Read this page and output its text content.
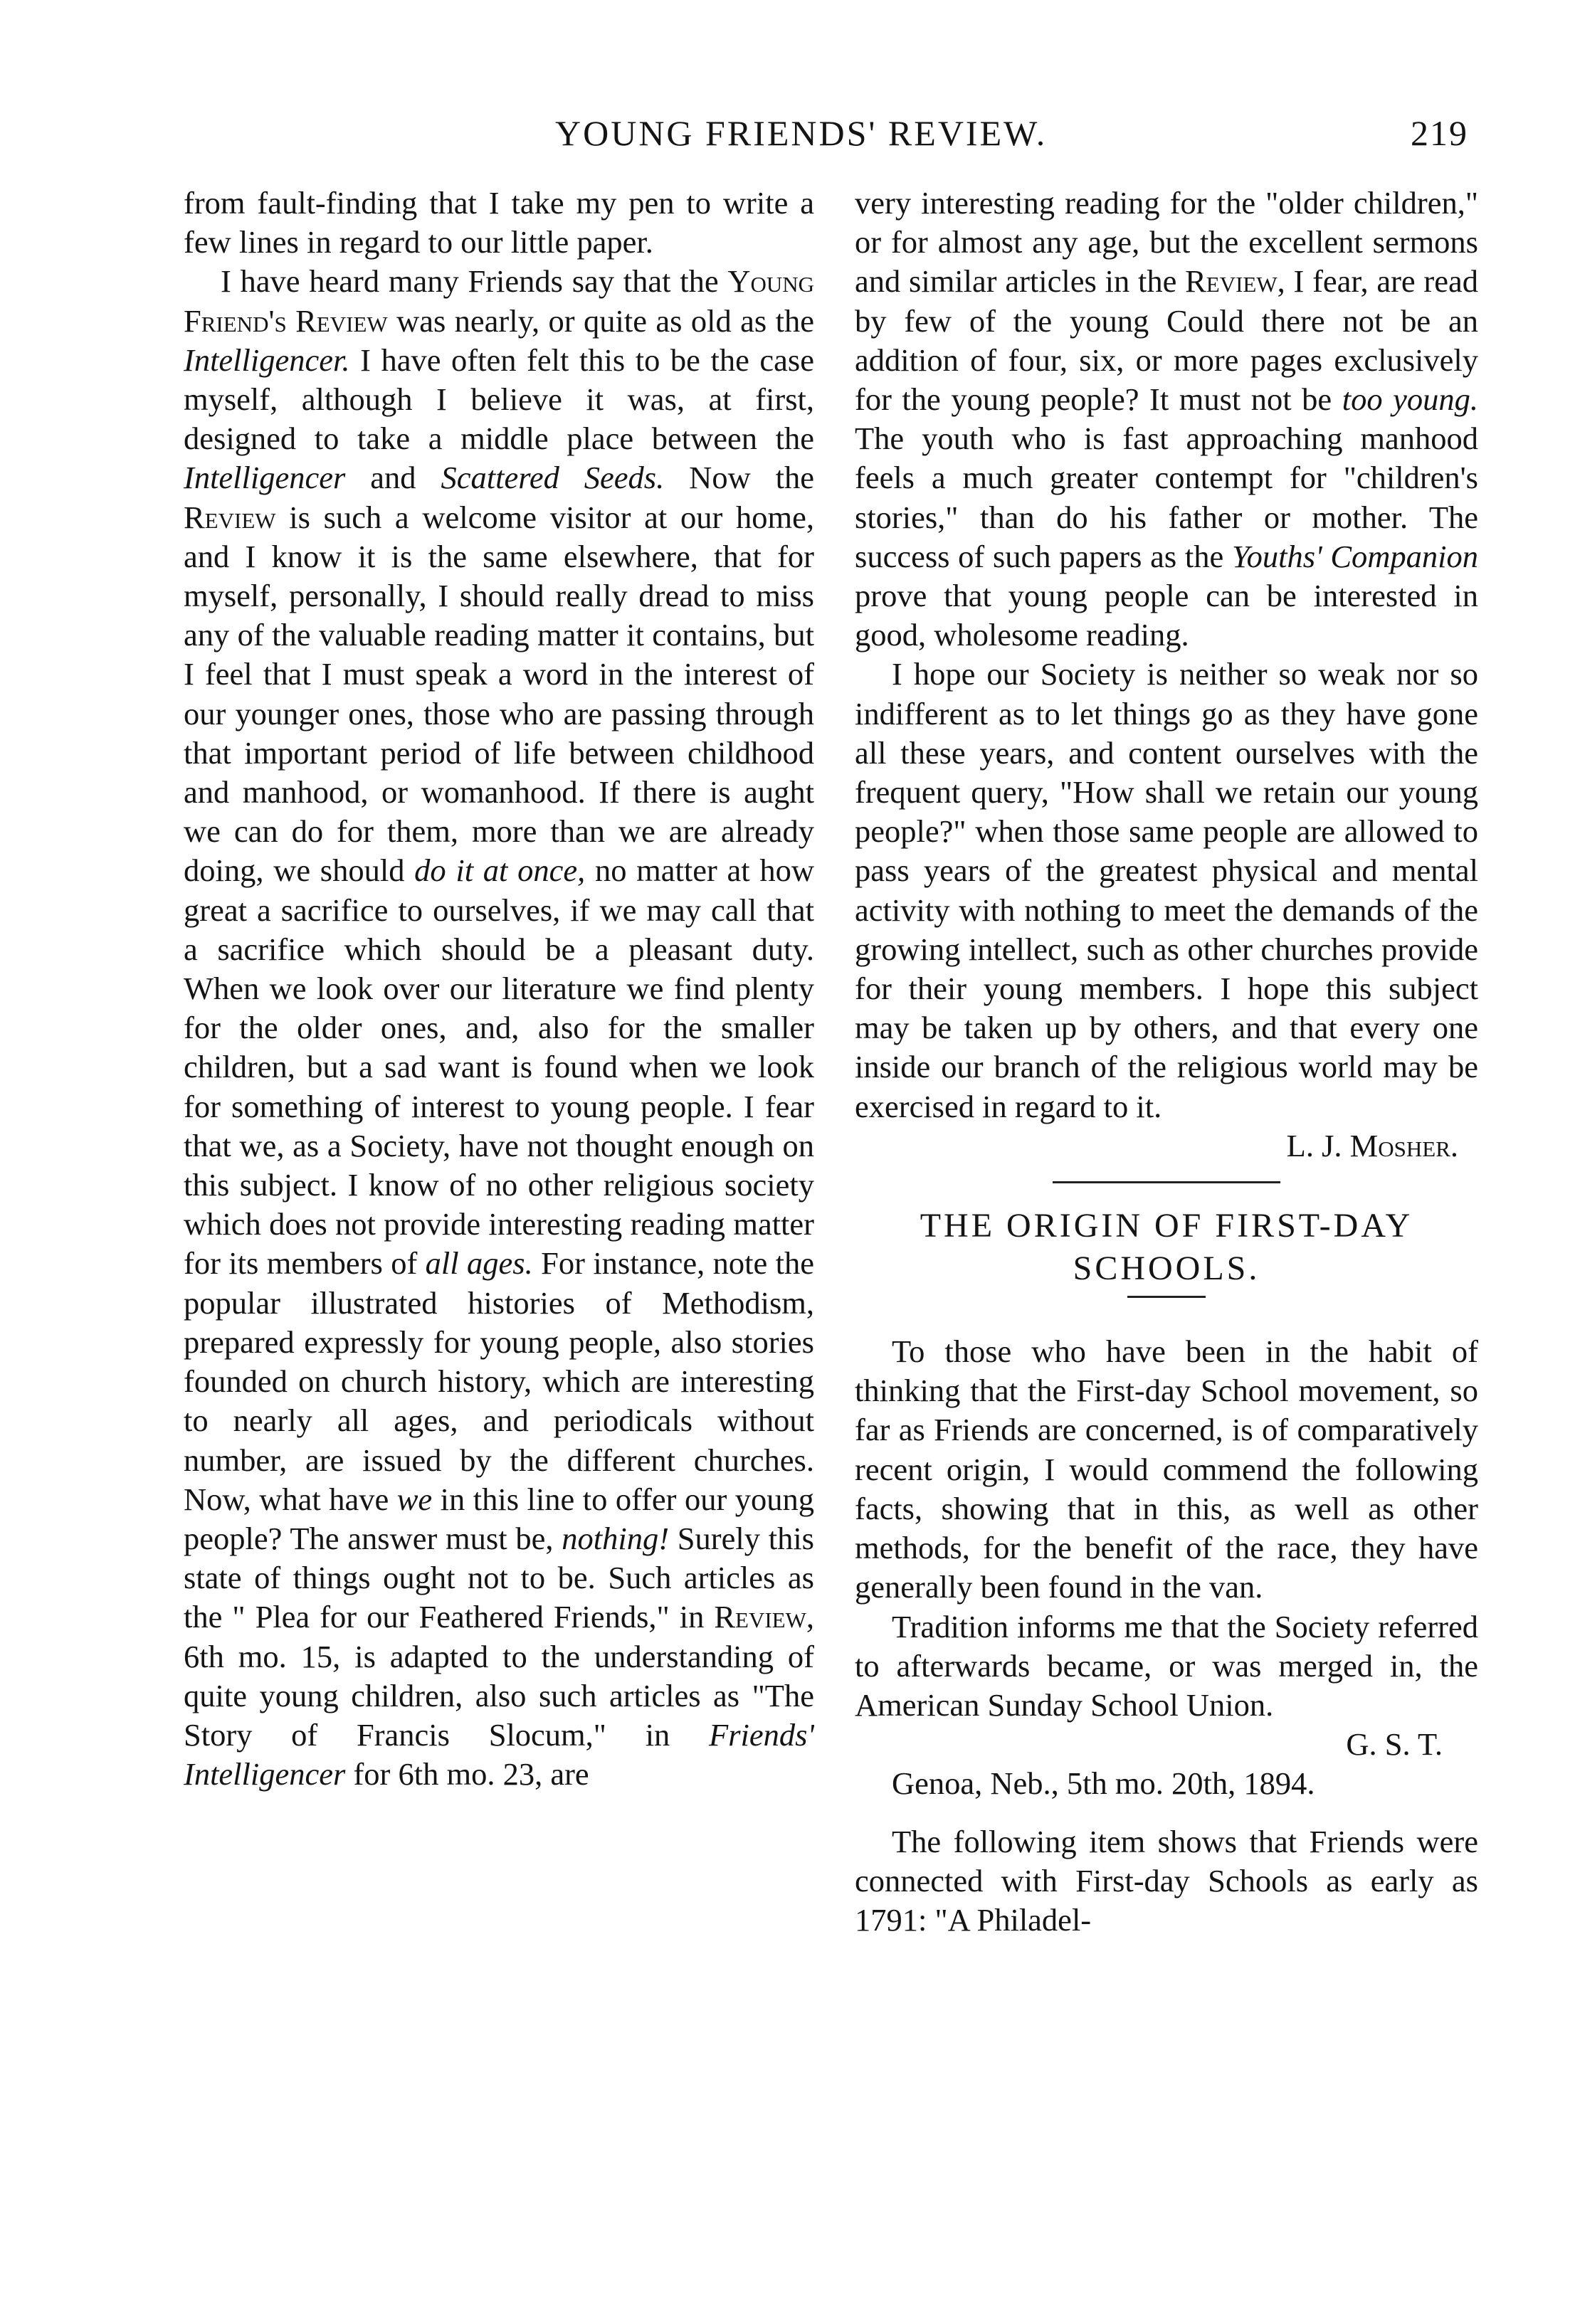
YOUNG FRIENDS' REVIEW.	219

from fault-finding that I take my pen to write a few lines in regard to our little paper.

I have heard many Friends say that the Young Friend's Review was nearly, or quite as old as the Intelligencer. I have often felt this to be the case myself, although I believe it was, at first, designed to take a middle place between the Intelligencer and Scattered Seeds. Now the Review is such a welcome visitor at our home, and I know it is the same elsewhere, that for myself, personally, I should really dread to miss any of the valuable reading matter it contains, but I feel that I must speak a word in the interest of our younger ones, those who are passing through that important period of life between childhood and manhood, or womanhood. If there is aught we can do for them, more than we are already doing, we should do it at once, no matter at how great a sacrifice to ourselves, if we may call that a sacrifice which should be a pleasant duty. When we look over our literature we find plenty for the older ones, and, also for the smaller children, but a sad want is found when we look for something of interest to young people. I fear that we, as a Society, have not thought enough on this subject. I know of no other religious society which does not provide interesting reading matter for its members of all ages. For instance, note the popular illustrated histories of Methodism, prepared expressly for young people, also stories founded on church history, which are interesting to nearly all ages, and periodicals without number, are issued by the different churches. Now, what have we in this line to offer our young people? The answer must be, nothing! Surely this state of things ought not to be. Such articles as the " Plea for our Feathered Friends," in Review, 6th mo. 15, is adapted to the understanding of quite young children, also such articles as "The Story of Francis Slocum," in Friends' Intelligencer for 6th mo. 23, are

very interesting reading for the "older children," or for almost any age, but the excellent sermons and similar articles in the Review, I fear, are read by few of the young Could there not be an addition of four, six, or more pages exclusively for the young people? It must not be too young. The youth who is fast approaching manhood feels a much greater contempt for "children's stories," than do his father or mother. The success of such papers as the Youths' Companion prove that young people can be interested in good, wholesome reading.

I hope our Society is neither so weak nor so indifferent as to let things go as they have gone all these years, and content ourselves with the frequent query, "How shall we retain our young people?" when those same people are allowed to pass years of the greatest physical and mental activity with nothing to meet the demands of the growing intellect, such as other churches provide for their young members. I hope this subject may be taken up by others, and that every one inside our branch of the religious world may be exercised in regard to it.

L. J. Mosher.

THE ORIGIN OF FIRST-DAY
SCHOOLS.

To those who have been in the habit of thinking that the First-day School movement, so far as Friends are concerned, is of comparatively recent origin, I would commend the following facts, showing that in this, as well as other methods, for the benefit of the race, they have generally been found in the van.

Tradition informs me that the Society referred to afterwards became, or was merged in, the American Sunday School Union.

G. S. T.

Genoa, Neb., 5th mo. 20th, 1894.

The following item shows that Friends were connected with First-day Schools as early as 1791: "A Philadel-
